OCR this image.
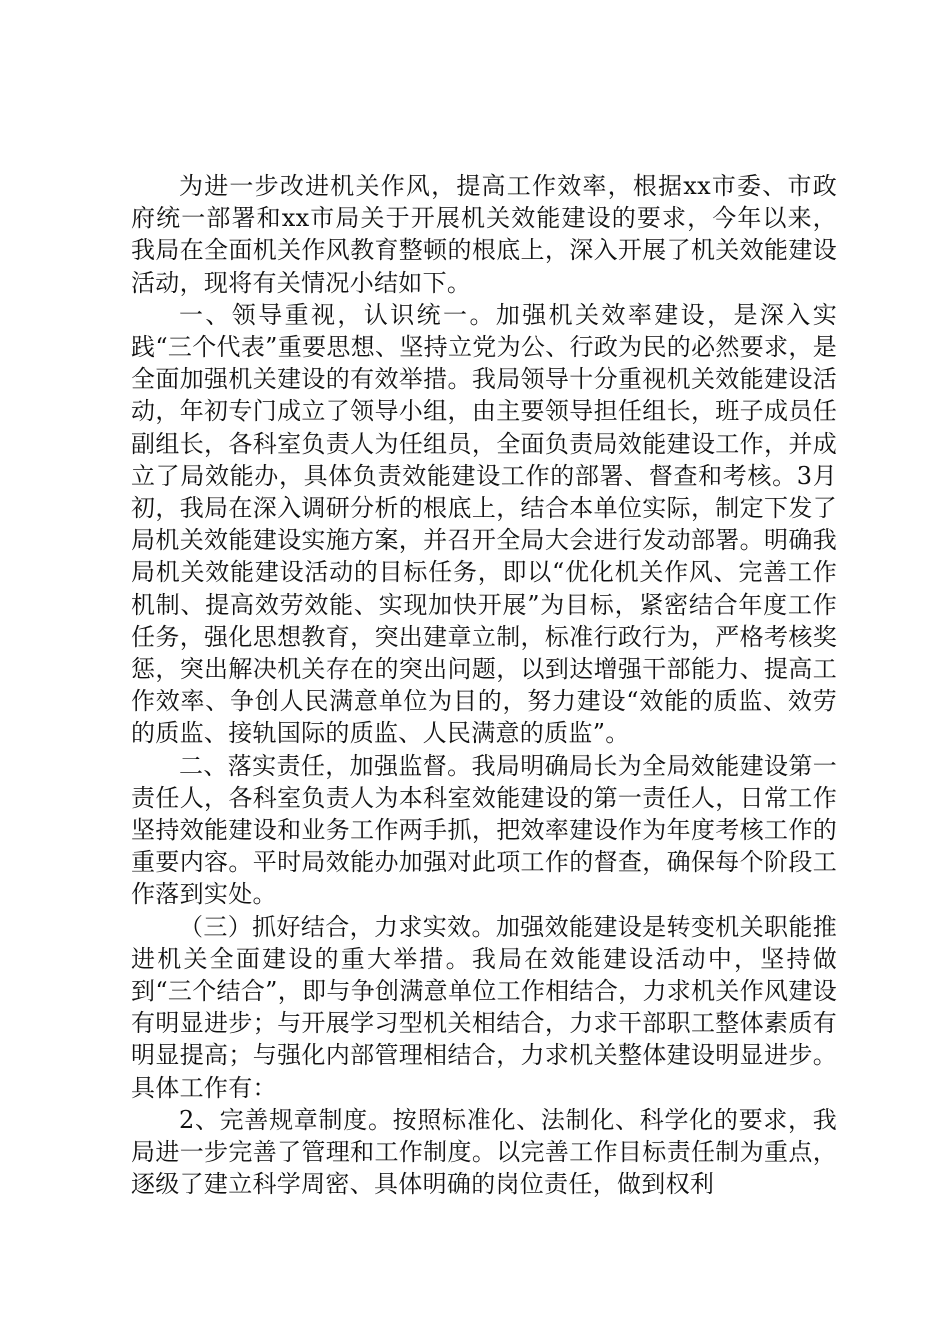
为进一步改进机关作风，提高工作效率，根据xx市委、市政府统一部署和xx市局关于开展机关效能建设的要求，今年以来，我局在全面机关作风教育整顿的根底上，深入开展了机关效能建设活动，现将有关情况小结如下。

一、领导重视，认识统一。加强机关效率建设，是深入实践“三个代表”重要思想、坚持立党为公、行政为民的必然要求，是全面加强机关建设的有效举措。我局领导十分重视机关效能建设活动，年初专门成立了领导小组，由主要领导担任组长，班子成员任副组长，各科室负责人为任组员，全面负责局效能建设工作，并成立了局效能办，具体负责效能建设工作的部署、督查和考核。3月初，我局在深入调研分析的根底上，结合本单位实际，制定下发了局机关效能建设实施方案，并召开全局大会进行发动部署。明确我局机关效能建设活动的目标任务，即以“优化机关作风、完善工作机制、提高效劳效能、实现加快开展”为目标，紧密结合年度工作任务，强化思想教育，突出建章立制，标准行政行为，严格考核奖惩，突出解决机关存在的突出问题，以到达增强干部能力、提高工作效率、争创人民满意单位为目的，努力建设“效能的质监、效劳的质监、接轨国际的质监、人民满意的质监”。

二、落实责任，加强监督。我局明确局长为全局效能建设第一责任人，各科室负责人为本科室效能建设的第一责任人，日常工作坚持效能建设和业务工作两手抓，把效率建设作为年度考核工作的重要内容。平时局效能办加强对此项工作的督查，确保每个阶段工作落到实处。

（三）抓好结合，力求实效。加强效能建设是转变机关职能推进机关全面建设的重大举措。我局在效能建设活动中，坚持做到“三个结合”，即与争创满意单位工作相结合，力求机关作风建设有明显进步；与开展学习型机关相结合，力求干部职工整体素质有明显提高；与强化内部管理相结合，力求机关整体建设明显进步。具体工作有：

2、完善规章制度。按照标准化、法制化、科学化的要求，我局进一步完善了管理和工作制度。以完善工作目标责任制为重点，逐级了建立科学周密、具体明确的岗位责任，做到权利
